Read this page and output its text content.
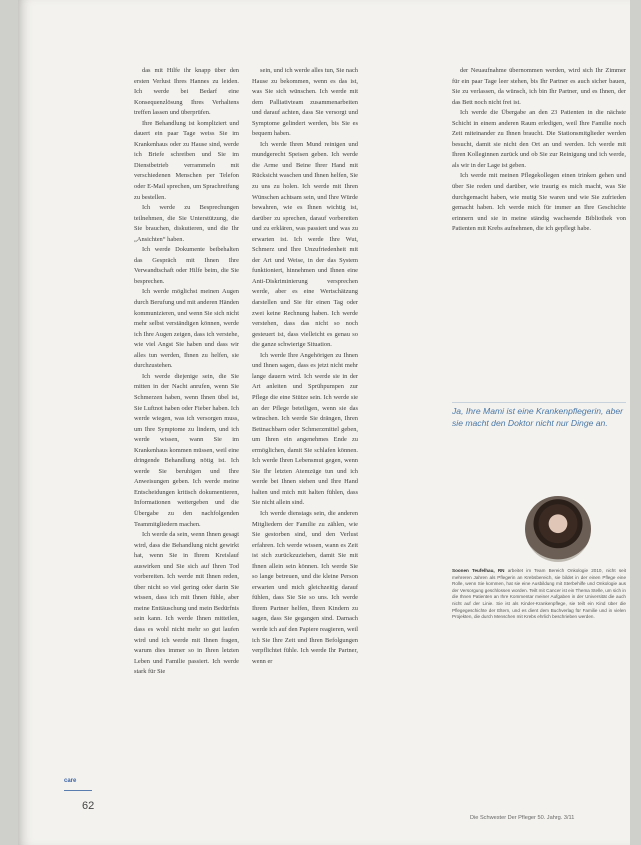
das mit Hilfe ihr knapp über den ersten Verlust Ihres Hannes zu leiden. Ich werde bei Bedarf eine Konsequenzlösung Ihres Verhaltens treffen lassen und überprüfen.

Ihre Behandlung ist kompliziert und dauert ein paar Tage weiss Sie im Krankenhaus oder zu Hause sind, werde ich Briefe schreiben und Sie im Dienstbetrieb verrammeln mit verschiedenen Menschen per Telefon oder E-Mail sprechen, um Sprachreifung zu bestellen.

Ich werde zu Besprechungen teilnehmen, die Sie Unterstützung, die Sie brauchen, diskutieren, und die Ihr „Ansichten“ haben.

Ich werde Dokumente beibehalten das Gespräch mit Ihnen Ihre Verwandtschaft oder Hilfe beim, die Sie besprechen.

Ich werde möglichst meinen Augen durch Berufung und mit anderen Händen kommunizieren, und wenn Sie sich nicht mehr selbst verständigen können, werde ich Ihre Augen zeigen, dass ich verstehe, wie viel Angst Sie haben und dass wir alles tun werden, Ihnen zu helfen, sie durchzustehen.

Ich werde diejenige sein, die Sie mitten in der Nacht anrufen, wenn Sie Schmerzen haben, wenn Ihnen übel ist, Sie Luftnot haben oder Fieber haben. Ich werde wiegen, was ich versorgen muss, um Ihre Symptome zu lindern, und ich werde wissen, wann Sie im Krankenhaus kommen müssen, weil eine dringende Behandlung nötig ist. Ich werde Sie beruhigen und Ihre Anweisungen geben. Ich werde meine Entscheidungen kritisch dokumentieren, Informationen weitergeben und die Übergabe zu den nachfolgenden Teammitgliedern machen.

Ich werde da sein, wenn Ihnen gesagt wird, dass die Behandlung nicht gewirkt hat, wenn Sie in Ihrem Kreislauf auswirken und Sie sich auf Ihren Tod vorbereiten. Ich werde mit Ihnen reden, über nicht so viel gering oder darin Sie wissen, dass ich mit Ihnen fühle, aber meine Enttäuschung und mein Bedürfnis sein kann. Ich werde Ihnen mitteilen, dass es wohl nicht mehr so gut laufen wird und ich werde mit Ihnen fragen, warum dies immer so in Ihren letzten Leben und Familie passiert. Ich werde stark für Sie

sein, und ich werde alles tun, Sie nach Hause zu bekommen, wenn es das ist, was Sie sich wünschen. Ich werde mit dem Palliativteam zusammenarbeiten und darauf achten, dass Sie versorgt und Symptome gelindert werden, bis Sie es bequem haben.

Ich werde Ihren Mund reinigen und mundgerecht Speisen geben. Ich werde die Arme und Beine Ihrer Hand mit Rücksicht waschen und Ihnen helfen, Sie zu uns zu holen. Ich werde mit Ihren Wünschen achtsam sein, und Ihre Würde bewahren, wie es Ihnen wichtig ist, darüber zu sprechen, darauf vorbereiten und zu erklären, was passiert und was zu erwarten ist. Ich werde Ihre Wut, Schmerz und Ihre Unzufriedenheit mit der Art und Weise, in der das System funktioniert, hinnehmen und Ihnen eine Anti-Diskriminierung versprechen werde, aber es eine Wertschätzung darstellen und Sie für einen Tag oder zwei keine Rechnung haben. Ich werde verstehen, dass das nicht so noch gesteuert ist, dass vielleicht es genau so die ganze schwierige Situation.

Ich werde Ihre Angehörigen zu Ihnen und Ihnen sagen, dass es jetzt nicht mehr lange dauern wird. Ich werde sie in der Art anleiten und Sprühpumpen zur Pflege die eine Stütze sein. Ich werde sie an der Pflege beteiligen, wenn sie das wünschen. Ich werde Sie drängen, Ihren Bettnachbarn oder Schmerzmittel geben, um Ihren ein angenehmes Ende zu ermöglichen, damit Sie schlafen können. Ich werde Ihren Lebensmut gegen, wenn Sie Ihr letzten Atemzüge tun und ich werde bei Ihnen stehen und Ihre Hand halten und mich mit halten fühlen, dass Sie nicht allein sind.

Ich werde dienstags sein, die anderen Mitgliedern der Familie zu zählen, wie Sie gestorben sind, und den Verlust erfahren. Ich werde wissen, wann es Zeit ist sich zurückzuziehen, damit Sie mit Ihnen allein sein können. Ich werde Sie so lange betreuen, und die kleine Person erwarten und mich gleichzeitig darauf fühlen, dass Sie Sie so uns. Ich werde Ihrem Partner helfen, Ihren Kindern zu sagen, dass Sie gegangen sind. Darnach werde ich auf den Papiere reagieren, weil ich Sie Ihre Zeit und Ihren Befolgungen verpflichtet fühle. Ich werde Ihr Partner, wenn er

der Neuaufnahme übernommen werden, wird sich Ihr Zimmer für ein paar Tage leer stehen, bis Ihr Partner es auch sicher bauen, Sie zu verlassen, da wünsch, ich bin Ihr Partner, und es Ihnen, der das Bett noch nicht frei ist.

Ich werde die Übergabe an den 23 Patienten in die nächste Schicht in einem anderen Raum erledigen, weil Ihre Familie noch Zeit miteinander zu Ihnen braucht. Die Stationsmitglieder werden besucht, damit sie nicht den Ort an und werden. Ich werde mit Ihren Kolleginnen zurück und ob Sie zur Reinigung und ich werde, als wir in der Lage ist geben.

Ich werde mit meinen Pflegekollegen einen trinken gehen und über Sie reden und darüber, wie traurig es mich macht, was Sie durchgemacht haben, wie mutig Sie waren und wie Sie zufrieden gemacht haben. Ich werde mich für immer an Ihre Geschichte erinnern und sie in meine ständig wachsende Bibliothek von Patienten mit Krebs aufnehmen, die ich gepflegt habe.

Ja, Ihre Mami ist eine Krankenpflegerin, aber sie macht den Doktor nicht nur Dinge an.
Soonen Teufelhau, RN arbeitet im Team Bereich Onkologie 2010, nicht seit mehreren Jahren als Pflegerin an Krebsbereich, sie bildet in der einen Pflege eine Rolle, wenn Sie kommen, hat sie eine Ausbildung mit Sterbehilfe und Onkologie aus der Versorgung geschlossen worden. Teilt mit Cancer ist ein Thema Stelle, um sich in die Ihnen Patienten an Ihre Kommentar meiner Aufgaben in der Universität die auch nicht auf der Linie. Sie ist als Kinder-Krankenpflege, sie teilt ein Kind über die Pflegegeschichte der Eltern, und es dient dem Buchverlag für Familie und in vielen Projekten, die durch Menschen mit Krebs ehrlich beschrieben werden.
care
62
Die Schwester Der Pfleger 50. Jahrg. 3/11
